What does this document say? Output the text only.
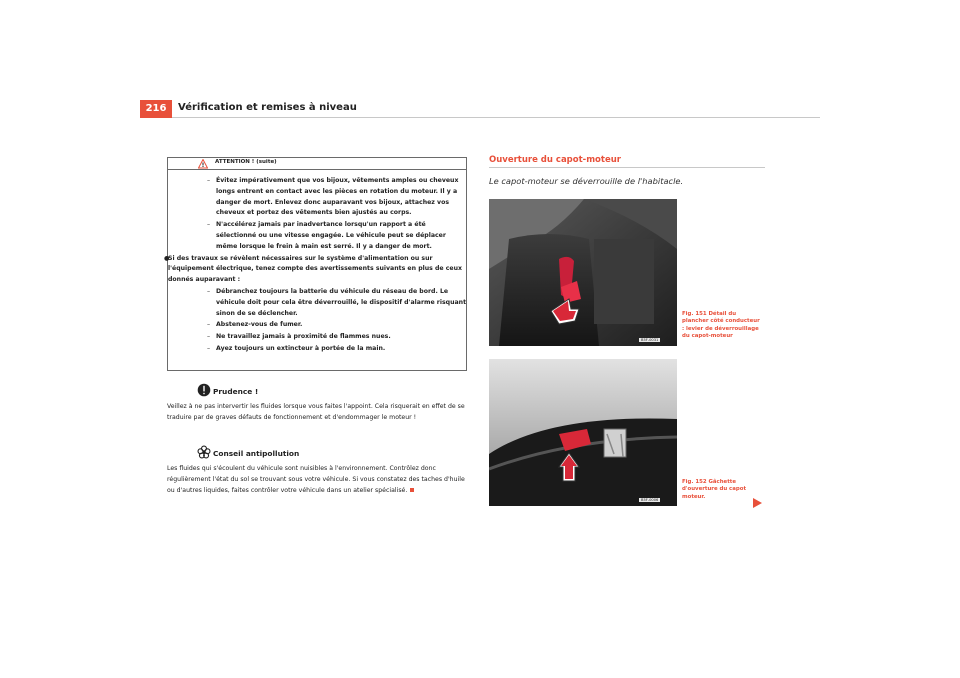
216	Vérification et remises à niveau
ATTENTION ! (suite)
– Évitez impérativement que vos bijoux, vêtements amples ou cheveux longs entrent en contact avec les pièces en rotation du moteur. Il y a danger de mort. Enlevez donc auparavant vos bijoux, attachez vos cheveux et portez des vêtements bien ajustés au corps.
– N'accélérez jamais par inadvertance lorsqu'un rapport a été sélectionné ou une vitesse engagée. Le véhicule peut se déplacer même lorsque le frein à main est serré. Il y a danger de mort.
●
Si des travaux se révèlent nécessaires sur le système d'alimentation ou sur l'équipement électrique, tenez compte des avertissements suivants en plus de ceux donnés auparavant :
– Débranchez toujours la batterie du véhicule du réseau de bord. Le véhicule doit pour cela être déverrouillé, le dispositif d'alarme risquant sinon de se déclencher.
– Abstenez-vous de fumer.
– Ne travaillez jamais à proximité de flammes nues.
– Ayez toujours un extincteur à portée de la main.
Prudence !
Veillez à ne pas intervertir les fluides lorsque vous faites l'appoint. Cela risquerait en effet de se traduire par de graves défauts de fonctionnement et d'endommager le moteur !
Conseil antipollution
Les fluides qui s'écoulent du véhicule sont nuisibles à l'environnement. Contrôlez donc régulièrement l'état du sol se trouvant sous votre véhicule. Si vous constatez des taches d'huile ou d'autres liquides, faites contrôler votre véhicule dans un atelier spécialisé.
Ouverture du capot-moteur
Le capot-moteur se déverrouille de l'habitacle.
B5F-0031
B5F-0006
Fig. 151 Détail du plancher côté conducteur : levier de déverrouillage du capot-moteur
Fig. 152 Gâchette d'ouverture du capot moteur.
